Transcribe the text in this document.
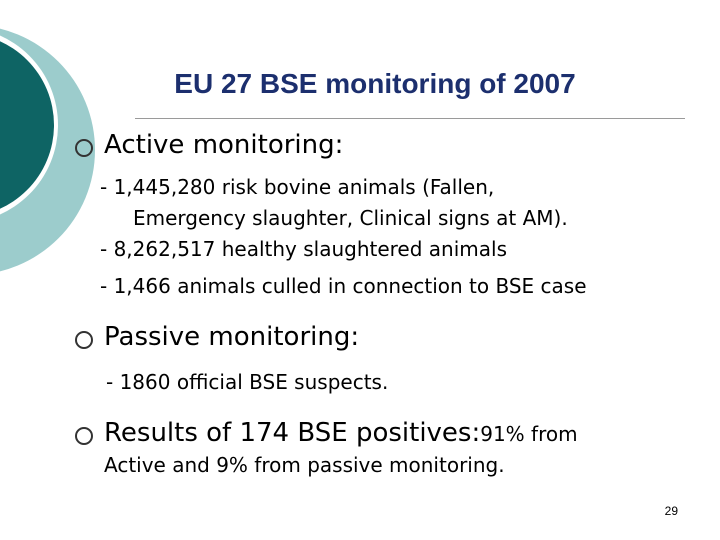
EU 27 BSE monitoring of 2007
Active monitoring:
- 1,445,280 risk bovine animals (Fallen,
Emergency slaughter, Clinical signs at AM).
- 8,262,517 healthy slaughtered animals
- 1,466 animals culled in connection to BSE case
Passive monitoring:
- 1860 official BSE suspects.
Results of 174 BSE positives:91% from
Active and 9% from passive monitoring.
29
